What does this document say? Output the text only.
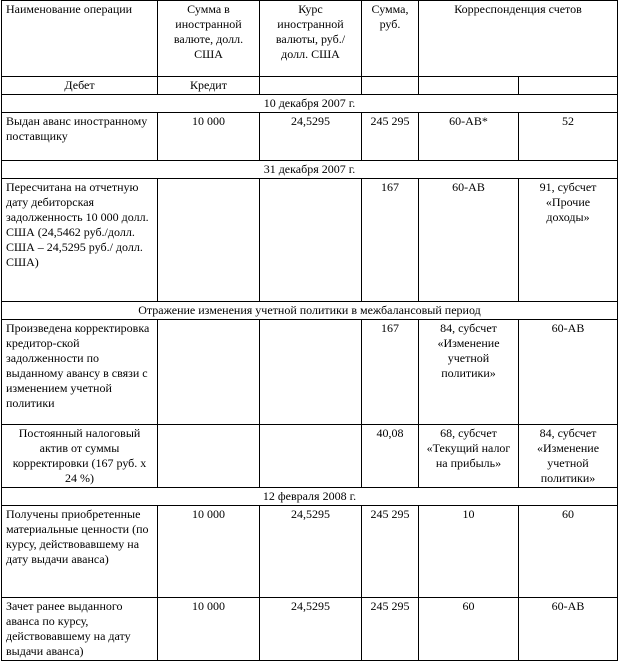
Наименование операции	Сумма в иностранной валюте, долл. США	Курс иностранной валюты, руб./долл. США	Сумма, руб.	Корреспонденция счетов	
Дебет	Кредит				
10 декабря 2007 г.					
Выдан аванс иностранному поставщику	10 000	24,5295	245 295	60-АВ*	52
31 декабря 2007 г.					
Пересчитана на отчетную дату дебиторская задолженность 10 000 долл. США (24,5462 руб./долл. США – 24,5295 руб./ долл. США)			167	60-АВ	91, субсчет «Прочие доходы»
Отражение изменения учетной политики в межбалансовый период					
Произведена корректировка кредитор-ской задолженности по выданному авансу в связи с изменением учетной политики			167	84, субсчет «Изменение учетной политики»	60-АВ
Постоянный налоговый актив от суммы корректировки (167 руб. х 24 %)			40,08	68, субсчет «Текущий налог на прибыль»	84, субсчет «Изменение учетной политики»
12 февраля 2008 г.					
Получены приобретенные материальные ценности (по курсу, действовавшему на дату выдачи аванса)	10 000	24,5295	245 295	10	60
Зачет ранее выданного аванса по курсу, действовавшему на дату выдачи аванса)	10 000	24,5295	245 295	60	60-АВ
